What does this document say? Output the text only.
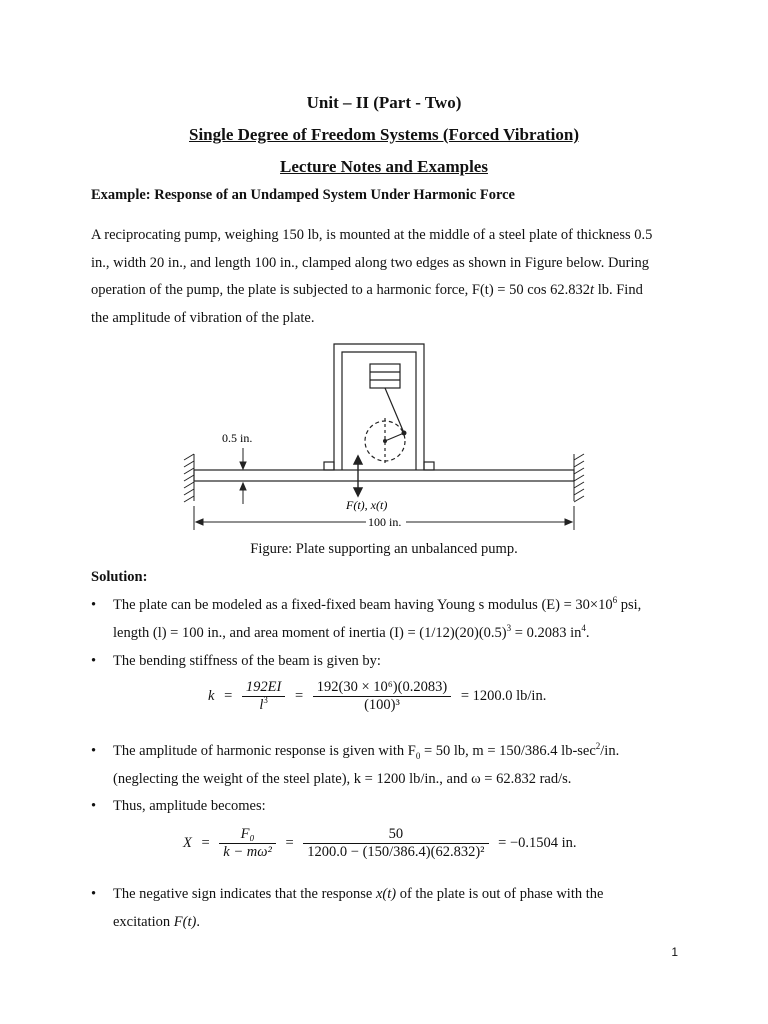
Unit – II (Part - Two)
Single Degree of Freedom Systems (Forced Vibration)
Lecture Notes and Examples
Example: Response of an Undamped System Under Harmonic Force
A reciprocating pump, weighing 150 lb, is mounted at the middle of a steel plate of thickness 0.5
in., width 20 in., and length 100 in., clamped along two edges as shown in Figure below. During
operation of the pump, the plate is subjected to a harmonic force, F(t) = 50 cos 62.832t lb. Find
the amplitude of vibration of the plate.
0.5 in.
F(t), x(t)
100 in.
Figure: Plate supporting an unbalanced pump.
Solution:
• The plate can be modeled as a fixed-fixed beam having Young s modulus $(E) = 30\times 10^6$ psi,
length (l) = 100 in., and area moment of inertia $(I) = (1/12)(20)(0.5)^3 = 0.2083$ $in^4$.
• The bending stiffness of the beam is given by:
$k = \frac{192EI}{l^3} = \frac{\text{192(30 × 10⁶)(0.2083)}}{\text{(100)³}} = 1200.0$ lb/in.
• The amplitude of harmonic response is given with $F_0 = 50$ lb, m = 150/386.4 $lb-\sec^2/in$.
(neglecting the weight of the steel plate), k = 1200 lb/in., and ω = 62.832 rad/s.
• Thus, amplitude becomes:
$X = \frac{\text{F₀}}{\text{k − mω²}} = \frac{50}{\text{1200.0 − (150/386.4)(62.832)²}} = -0.1504$ in.
• The negative sign indicates that the response x(t) of the plate is out of phase with the
excitation F(t).
1
